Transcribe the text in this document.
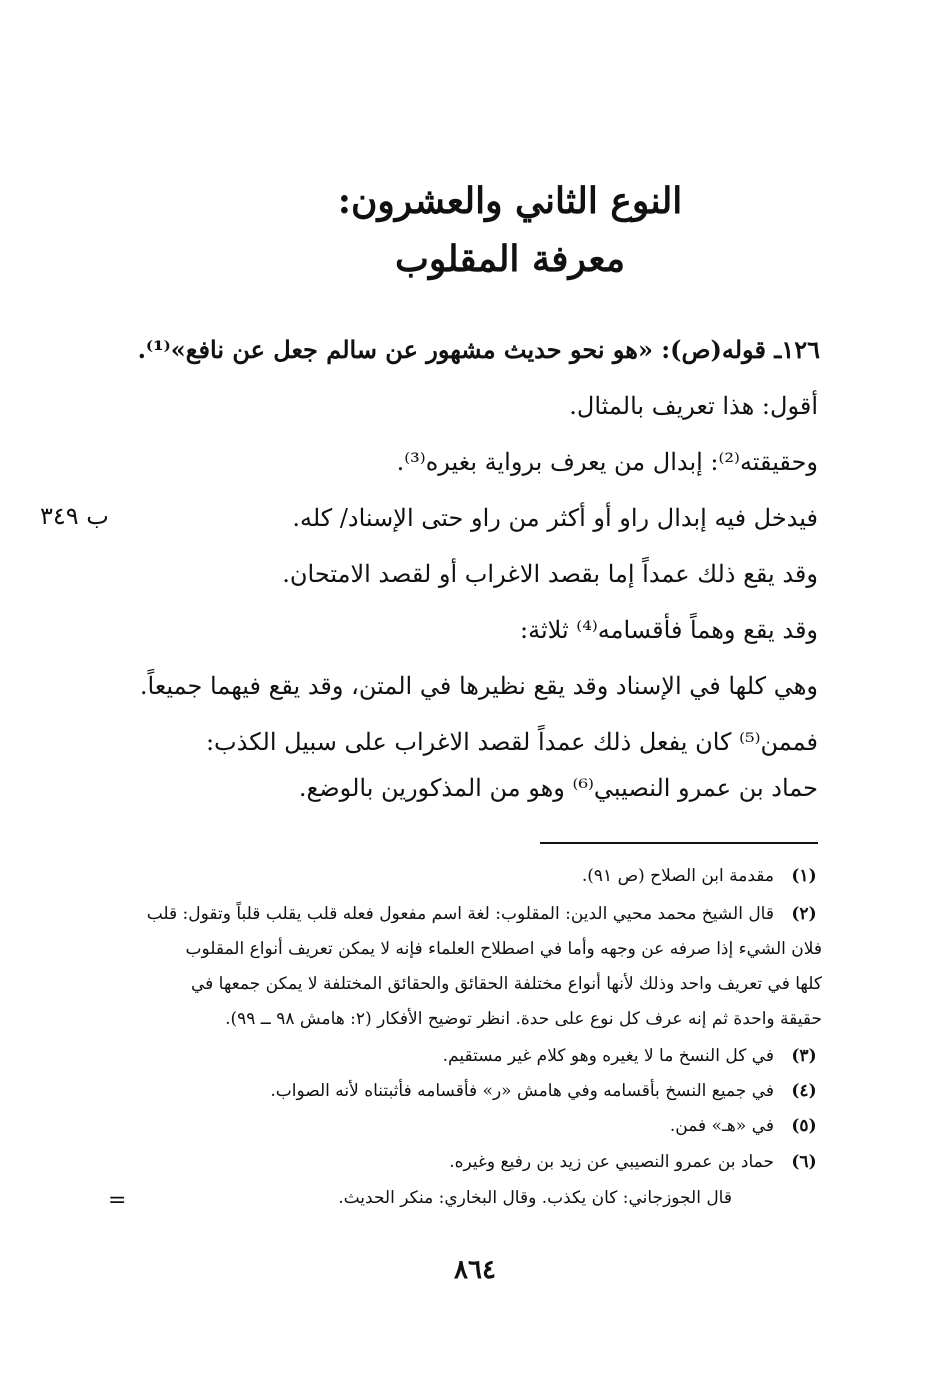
النوع الثاني والعشرون:
معرفة المقلوب
١٢٦ـ قوله(ص): «هو نحو حديث مشهور عن سالم جعل عن نافع»⁽¹⁾.
أقول: هذا تعريف بالمثال.
وحقيقته⁽²⁾: إبدال من يعرف برواية بغيره⁽³⁾.
فيدخل فيه إبدال راو أو أكثر من راو حتى الإسناد/ كله.
وقد يقع ذلك عمداً إما بقصد الاغراب أو لقصد الامتحان.
وقد يقع وهماً فأقسامه⁽⁴⁾ ثلاثة:
وهي كلها في الإسناد وقد يقع نظيرها في المتن، وقد يقع فيهما جميعاً.
فممن⁽⁵⁾ كان يفعل ذلك عمداً لقصد الاغراب على سبيل الكذب:
حماد بن عمرو النصيبي⁽⁶⁾ وهو من المذكورين بالوضع.
ب ٣٤٩
(١)
مقدمة ابن الصلاح (ص ٩١).
(٢)
قال الشيخ محمد محيي الدين: المقلوب: لغة اسم مفعول فعله قلب يقلب قلباً وتقول: قلب
فلان الشيء إذا صرفه عن وجهه وأما في اصطلاح العلماء فإنه لا يمكن تعريف أنواع المقلوب
كلها في تعريف واحد وذلك لأنها أنواع مختلفة الحقائق والحقائق المختلفة لا يمكن جمعها في
حقيقة واحدة ثم إنه عرف كل نوع على حدة. انظر توضيح الأفكار (٢: هامش ٩٨ ــ ٩٩).
(٣)
في كل النسخ ما لا يغيره وهو كلام غير مستقيم.
(٤)
في جميع النسخ بأقسامه وفي هامش «ر» فأقسامه فأثبتناه لأنه الصواب.
(٥)
في «هـ» فمن.
(٦)
حماد بن عمرو النصيبي عن زيد بن رفيع وغيره.
قال الجوزجاني: كان يكذب. وقال البخاري: منكر الحديث.
=
٨٦٤
